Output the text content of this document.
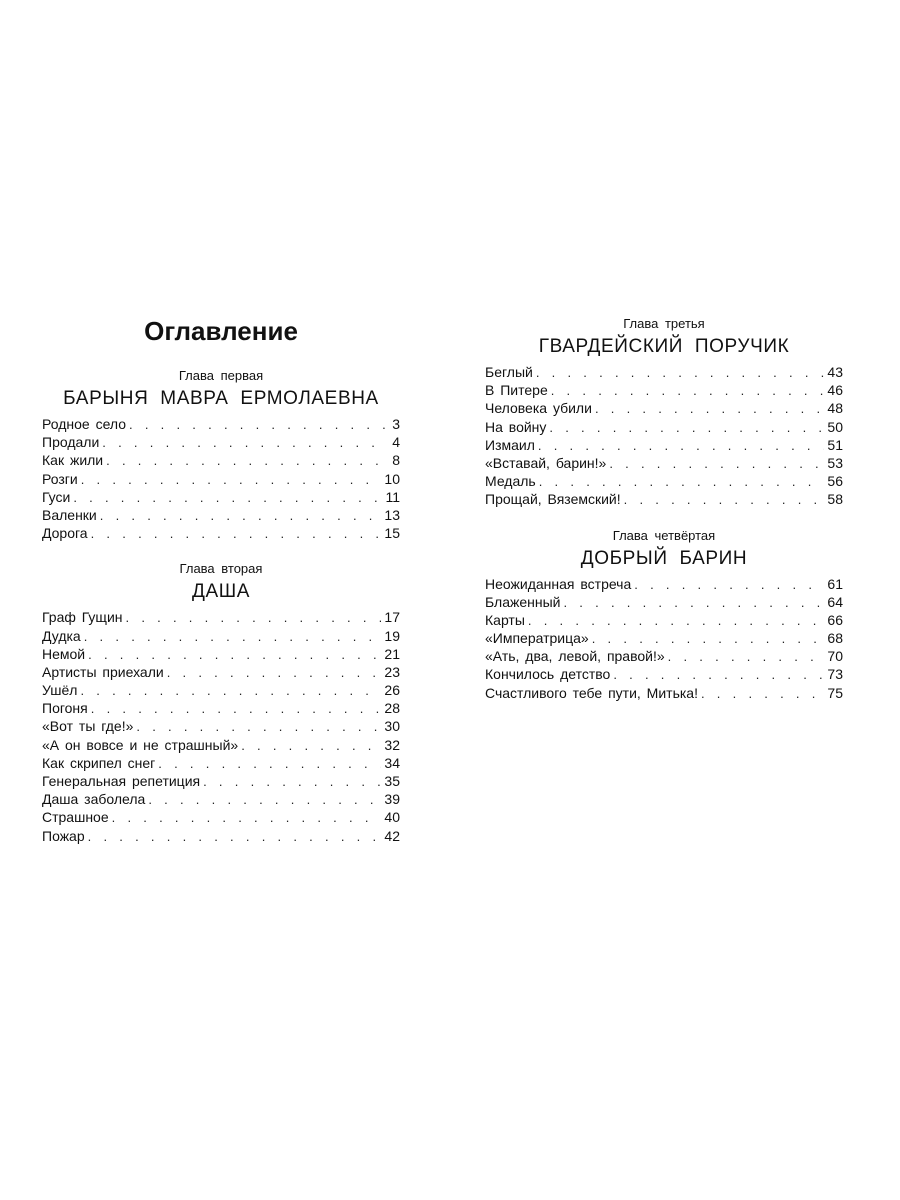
Оглавление
Глава первая
БАРЫНЯ МАВРА ЕРМОЛАЕВНА
Родное село . . .	3
Продали . . .	4
Как жили . . .	8
Розги . . .	10
Гуси . . .	11
Валенки . . .	13
Дорога . . .	15
Глава вторая
ДАША
Граф Гущин . . .	17
Дудка . . .	19
Немой . . .	21
Артисты приехали . . .	23
Ушёл . . .	26
Погоня . . .	28
«Вот ты где!» . . .	30
«А он вовсе и не страшный» . . .	32
Как скрипел снег . . .	34
Генеральная репетиция . . .	35
Даша заболела . . .	39
Страшное . . .	40
Пожар . . .	42
Глава третья
ГВАРДЕЙСКИЙ ПОРУЧИК
Беглый . . .	43
В Питере . . .	46
Человека убили . . .	48
На войну . . .	50
Измаил . . .	51
«Вставай, барин!» . . .	53
Медаль . . .	56
Прощай, Вяземский! . . .	58
Глава четвёртая
ДОБРЫЙ БАРИН
Неожиданная встреча . . .	61
Блаженный . . .	64
Карты . . .	66
«Императрица» . . .	68
«Ать, два, левой, правой!» . . .	70
Кончилось детство . . .	73
Счастливого тебе пути, Митька! . . .	75
